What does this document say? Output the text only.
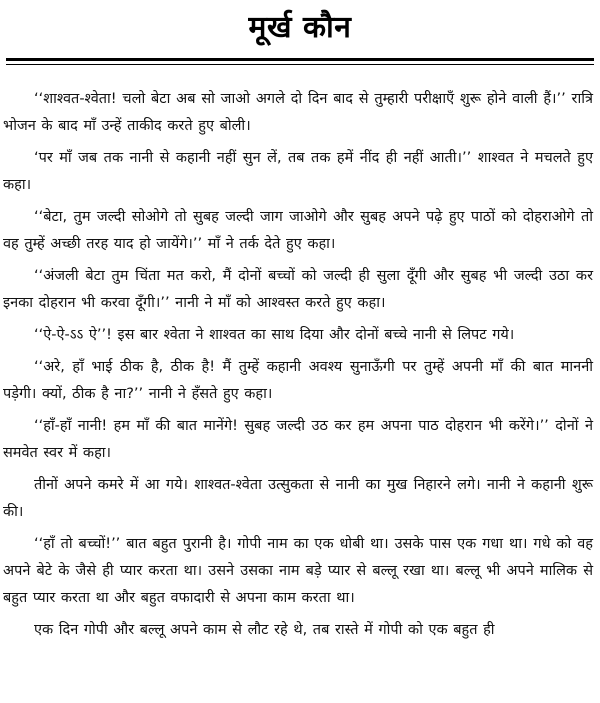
मूर्ख कौन

‘‘शाश्वत-श्वेता! चलो बेटा अब सो जाओ अगले दो दिन बाद से तुम्हारी परीक्षाएँ शुरू होने वाली हैं।’’ रात्रि भोजन के बाद माँ उन्हें ताकीद करते हुए बोली।

‘पर माँ जब तक नानी से कहानी नहीं सुन लें, तब तक हमें नींद ही नहीं आती।’’ शाश्वत ने मचलते हुए कहा।

‘‘बेटा, तुम जल्दी सोओगे तो सुबह जल्दी जाग जाओगे और सुबह अपने पढ़े हुए पाठों को दोहराओगे तो वह तुम्हें अच्छी तरह याद हो जायेंगे।’’ माँ ने तर्क देते हुए कहा।

‘‘अंजली बेटा तुम चिंता मत करो, मैं दोनों बच्चों को जल्दी ही सुला दूँगी और सुबह भी जल्दी उठा कर इनका दोहरान भी करवा दूँगी।’’ नानी ने माँ को आश्वस्त करते हुए कहा।

‘‘ऐ-ऐ-ऽऽ ऐ’’! इस बार श्वेता ने शाश्वत का साथ दिया और दोनों बच्चे नानी से लिपट गये।

‘‘अरे, हाँ भाई ठीक है, ठीक है! मैं तुम्हें कहानी अवश्य सुनाऊँगी पर तुम्हें अपनी माँ की बात माननी पड़ेगी। क्यों, ठीक है ना?’’ नानी ने हँसते हुए कहा।

‘‘हाँ-हाँ नानी! हम माँ की बात मानेंगे! सुबह जल्दी उठ कर हम अपना पाठ दोहरान भी करेंगे।’’ दोनों ने समवेत स्वर में कहा।

तीनों अपने कमरे में आ गये। शाश्वत-श्वेता उत्सुकता से नानी का मुख निहारने लगे। नानी ने कहानी शुरू की।

‘‘हाँ तो बच्चों!’’ बात बहुत पुरानी है। गोपी नाम का एक धोबी था। उसके पास एक गधा था। गधे को वह अपने बेटे के जैसे ही प्यार करता था। उसने उसका नाम बड़े प्यार से बल्लू रखा था। बल्लू भी अपने मालिक से बहुत प्यार करता था और बहुत वफादारी से अपना काम करता था।

एक दिन गोपी और बल्लू अपने काम से लौट रहे थे, तब रास्ते में गोपी को एक बहुत ही
